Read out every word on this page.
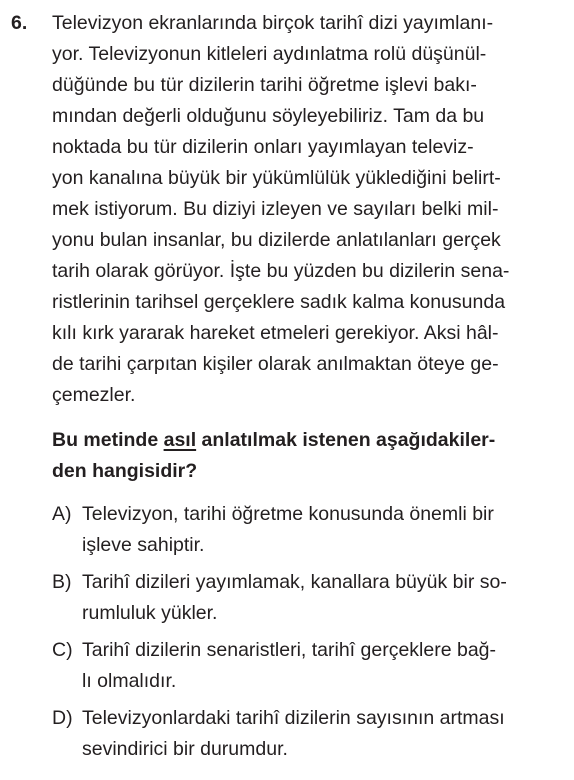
6. Televizyon ekranlarında birçok tarihî dizi yayımlanı-
yor. Televizyonun kitleleri aydınlatma rolü düşünül-
düğünde bu tür dizilerin tarihi öğretme işlevi bakı-
mından değerli olduğunu söyleyebiliriz. Tam da bu
noktada bu tür dizilerin onları yayımlayan televiz-
yon kanalına büyük bir yükümlülük yüklediğini belirt-
mek istiyorum. Bu diziyi izleyen ve sayıları belki mil-
yonu bulan insanlar, bu dizilerde anlatılanları gerçek
tarih olarak görüyor. İşte bu yüzden bu dizilerin sena-
ristlerinin tarihsel gerçeklere sadık kalma konusunda
kılı kırk yararak hareket etmeleri gerekiyor. Aksi hâl-
de tarihi çarpıtan kişiler olarak anılmaktan öteye ge-
çemezler.
Bu metinde asıl anlatılmak istenen aşağıdakiler-
den hangisidir?
A) Televizyon, tarihi öğretme konusunda önemli bir
işleve sahiptir.
B) Tarihî dizileri yayımlamak, kanallara büyük bir so-
rumluluk yükler.
C) Tarihî dizilerin senaristleri, tarihî gerçeklere bağ-
lı olmalıdır.
D) Televizyonlardaki tarihî dizilerin sayısının artması
sevindirici bir durumdur.
